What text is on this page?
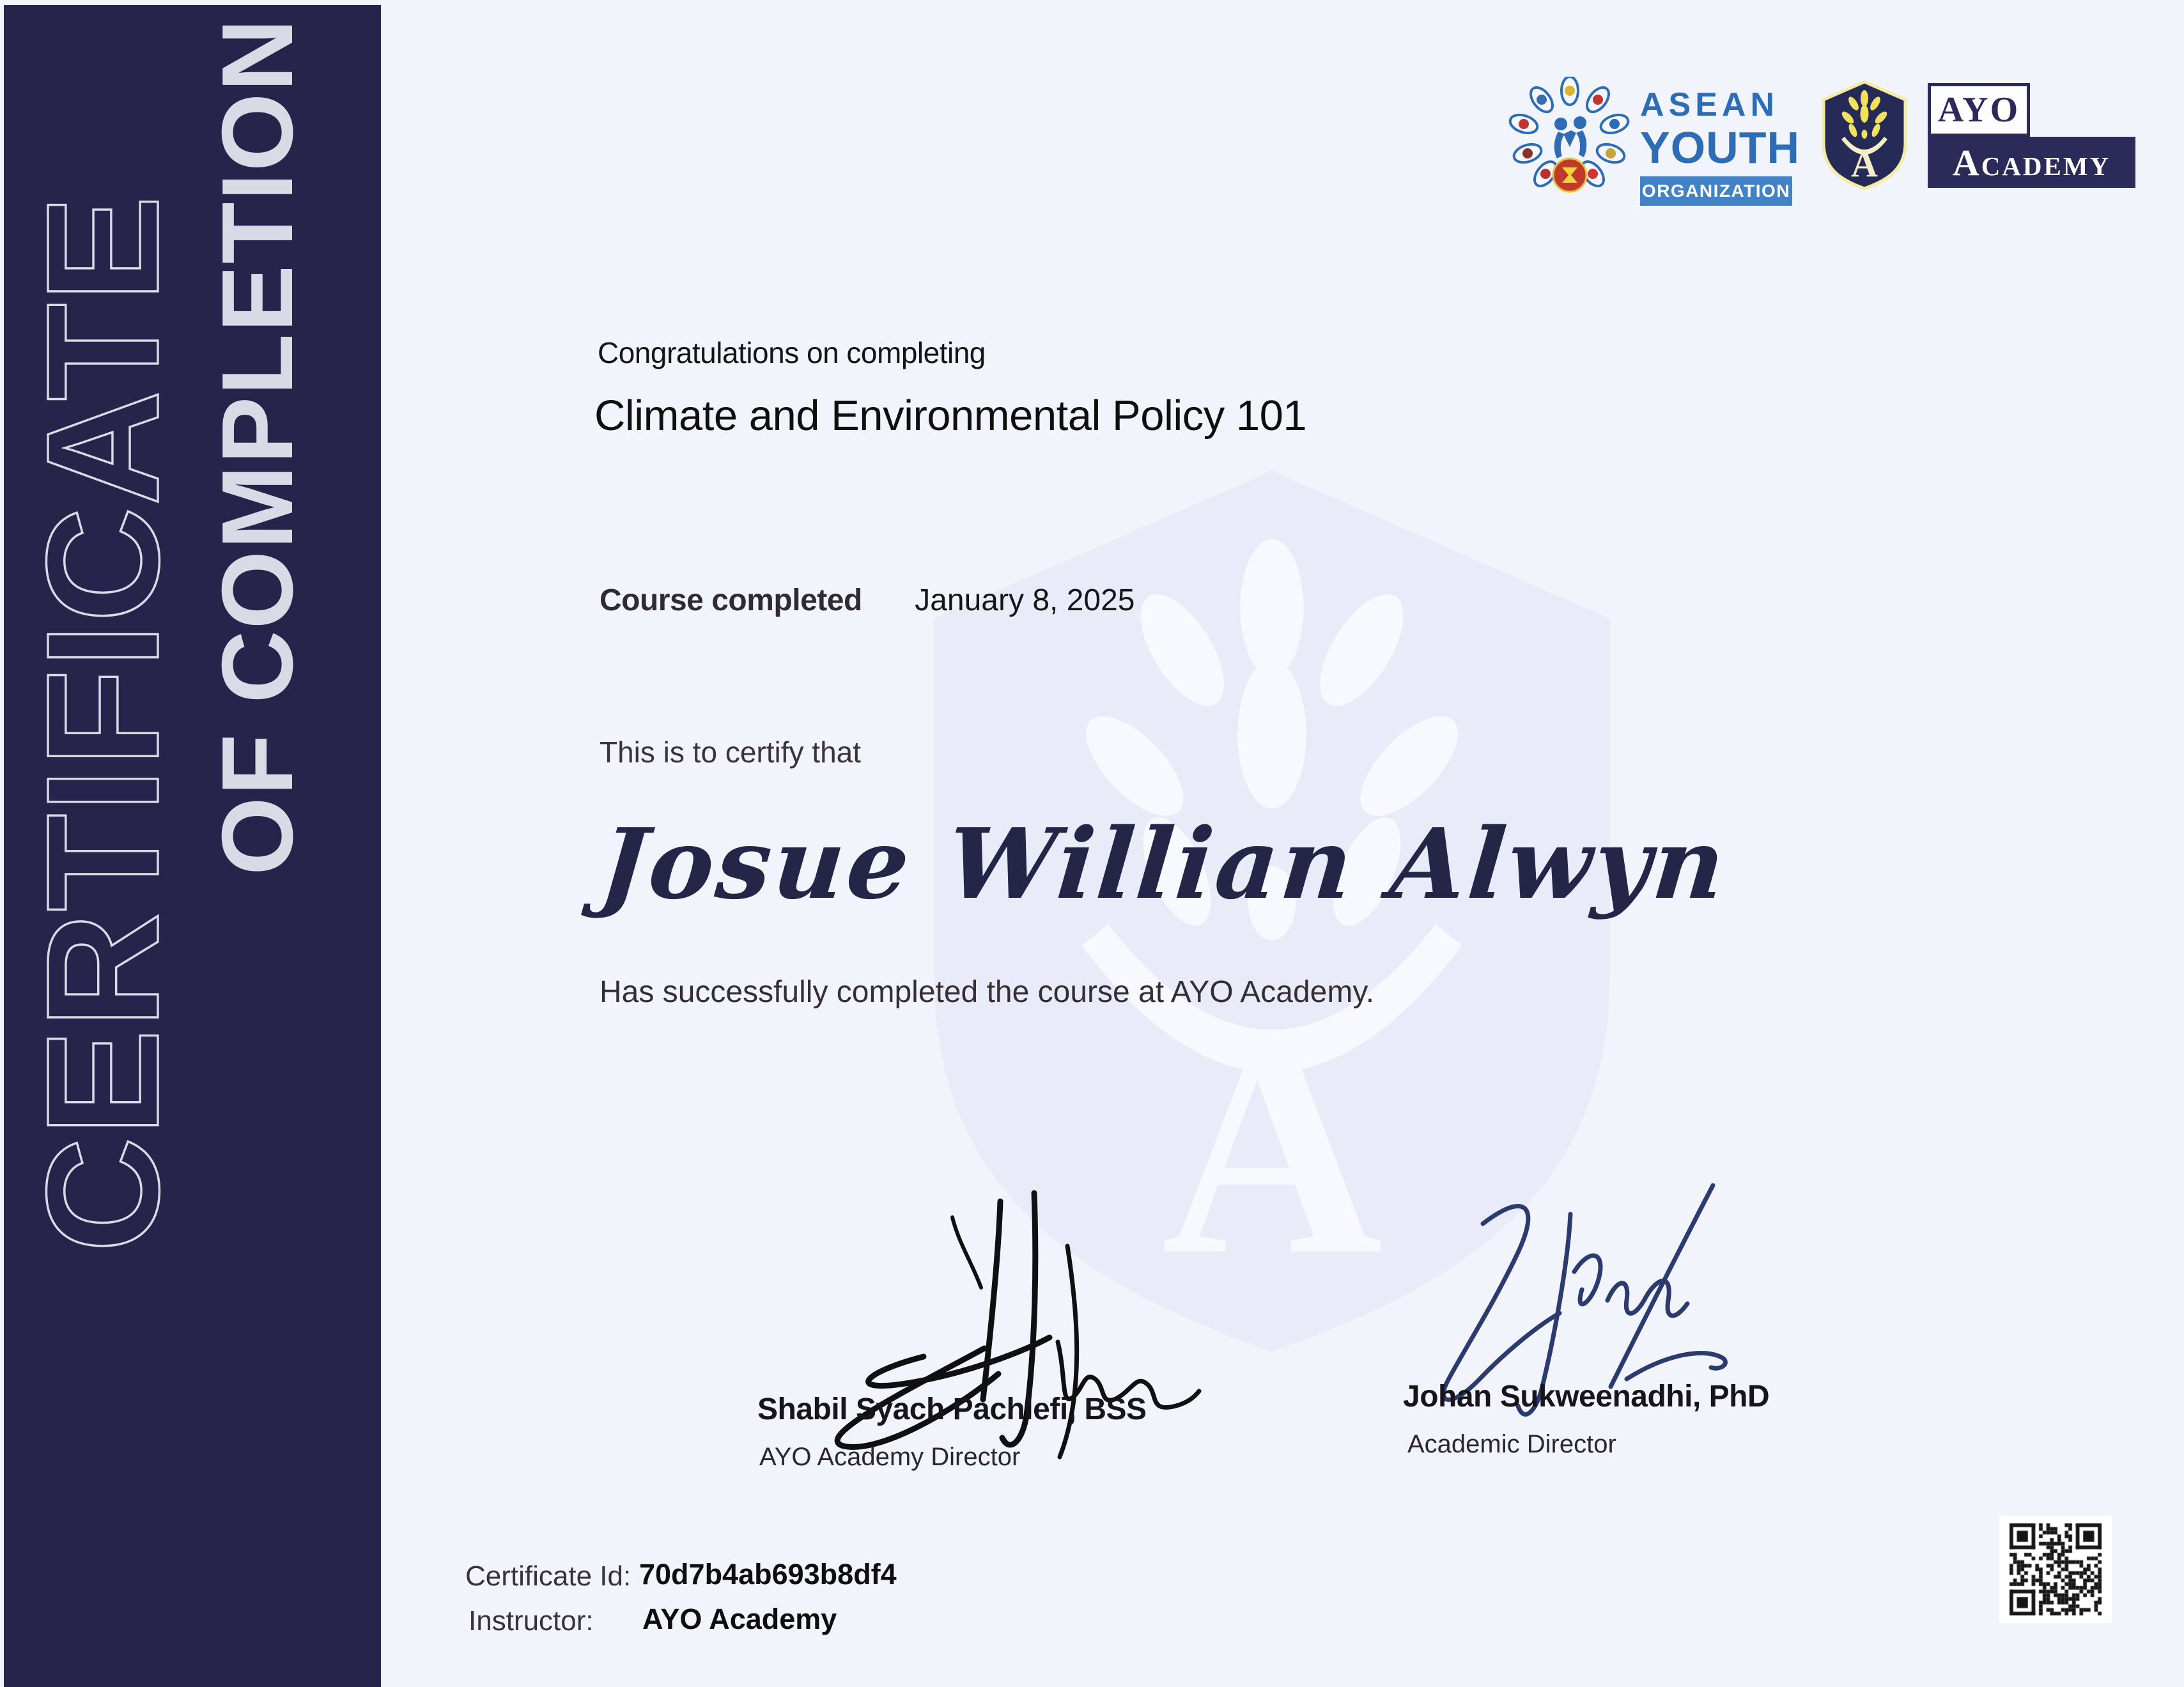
CERTIFICATE OF COMPLETION
A
ASEAN
YOUTH
ORGANIZATION
A
AYO
Academy
Congratulations on completing
Climate and Environmental Policy 101
Course completed January 8, 2025
This is to certify that
Josue Willian Alwyn
Has successfully completed the course at AYO Academy.
Shabil Syach Pachlefi, BSS
AYO Academy Director
Johan Sukweenadhi, PhD
Academic Director
Certificate Id: 70d7b4ab693b8df4
Instructor: AYO Academy
